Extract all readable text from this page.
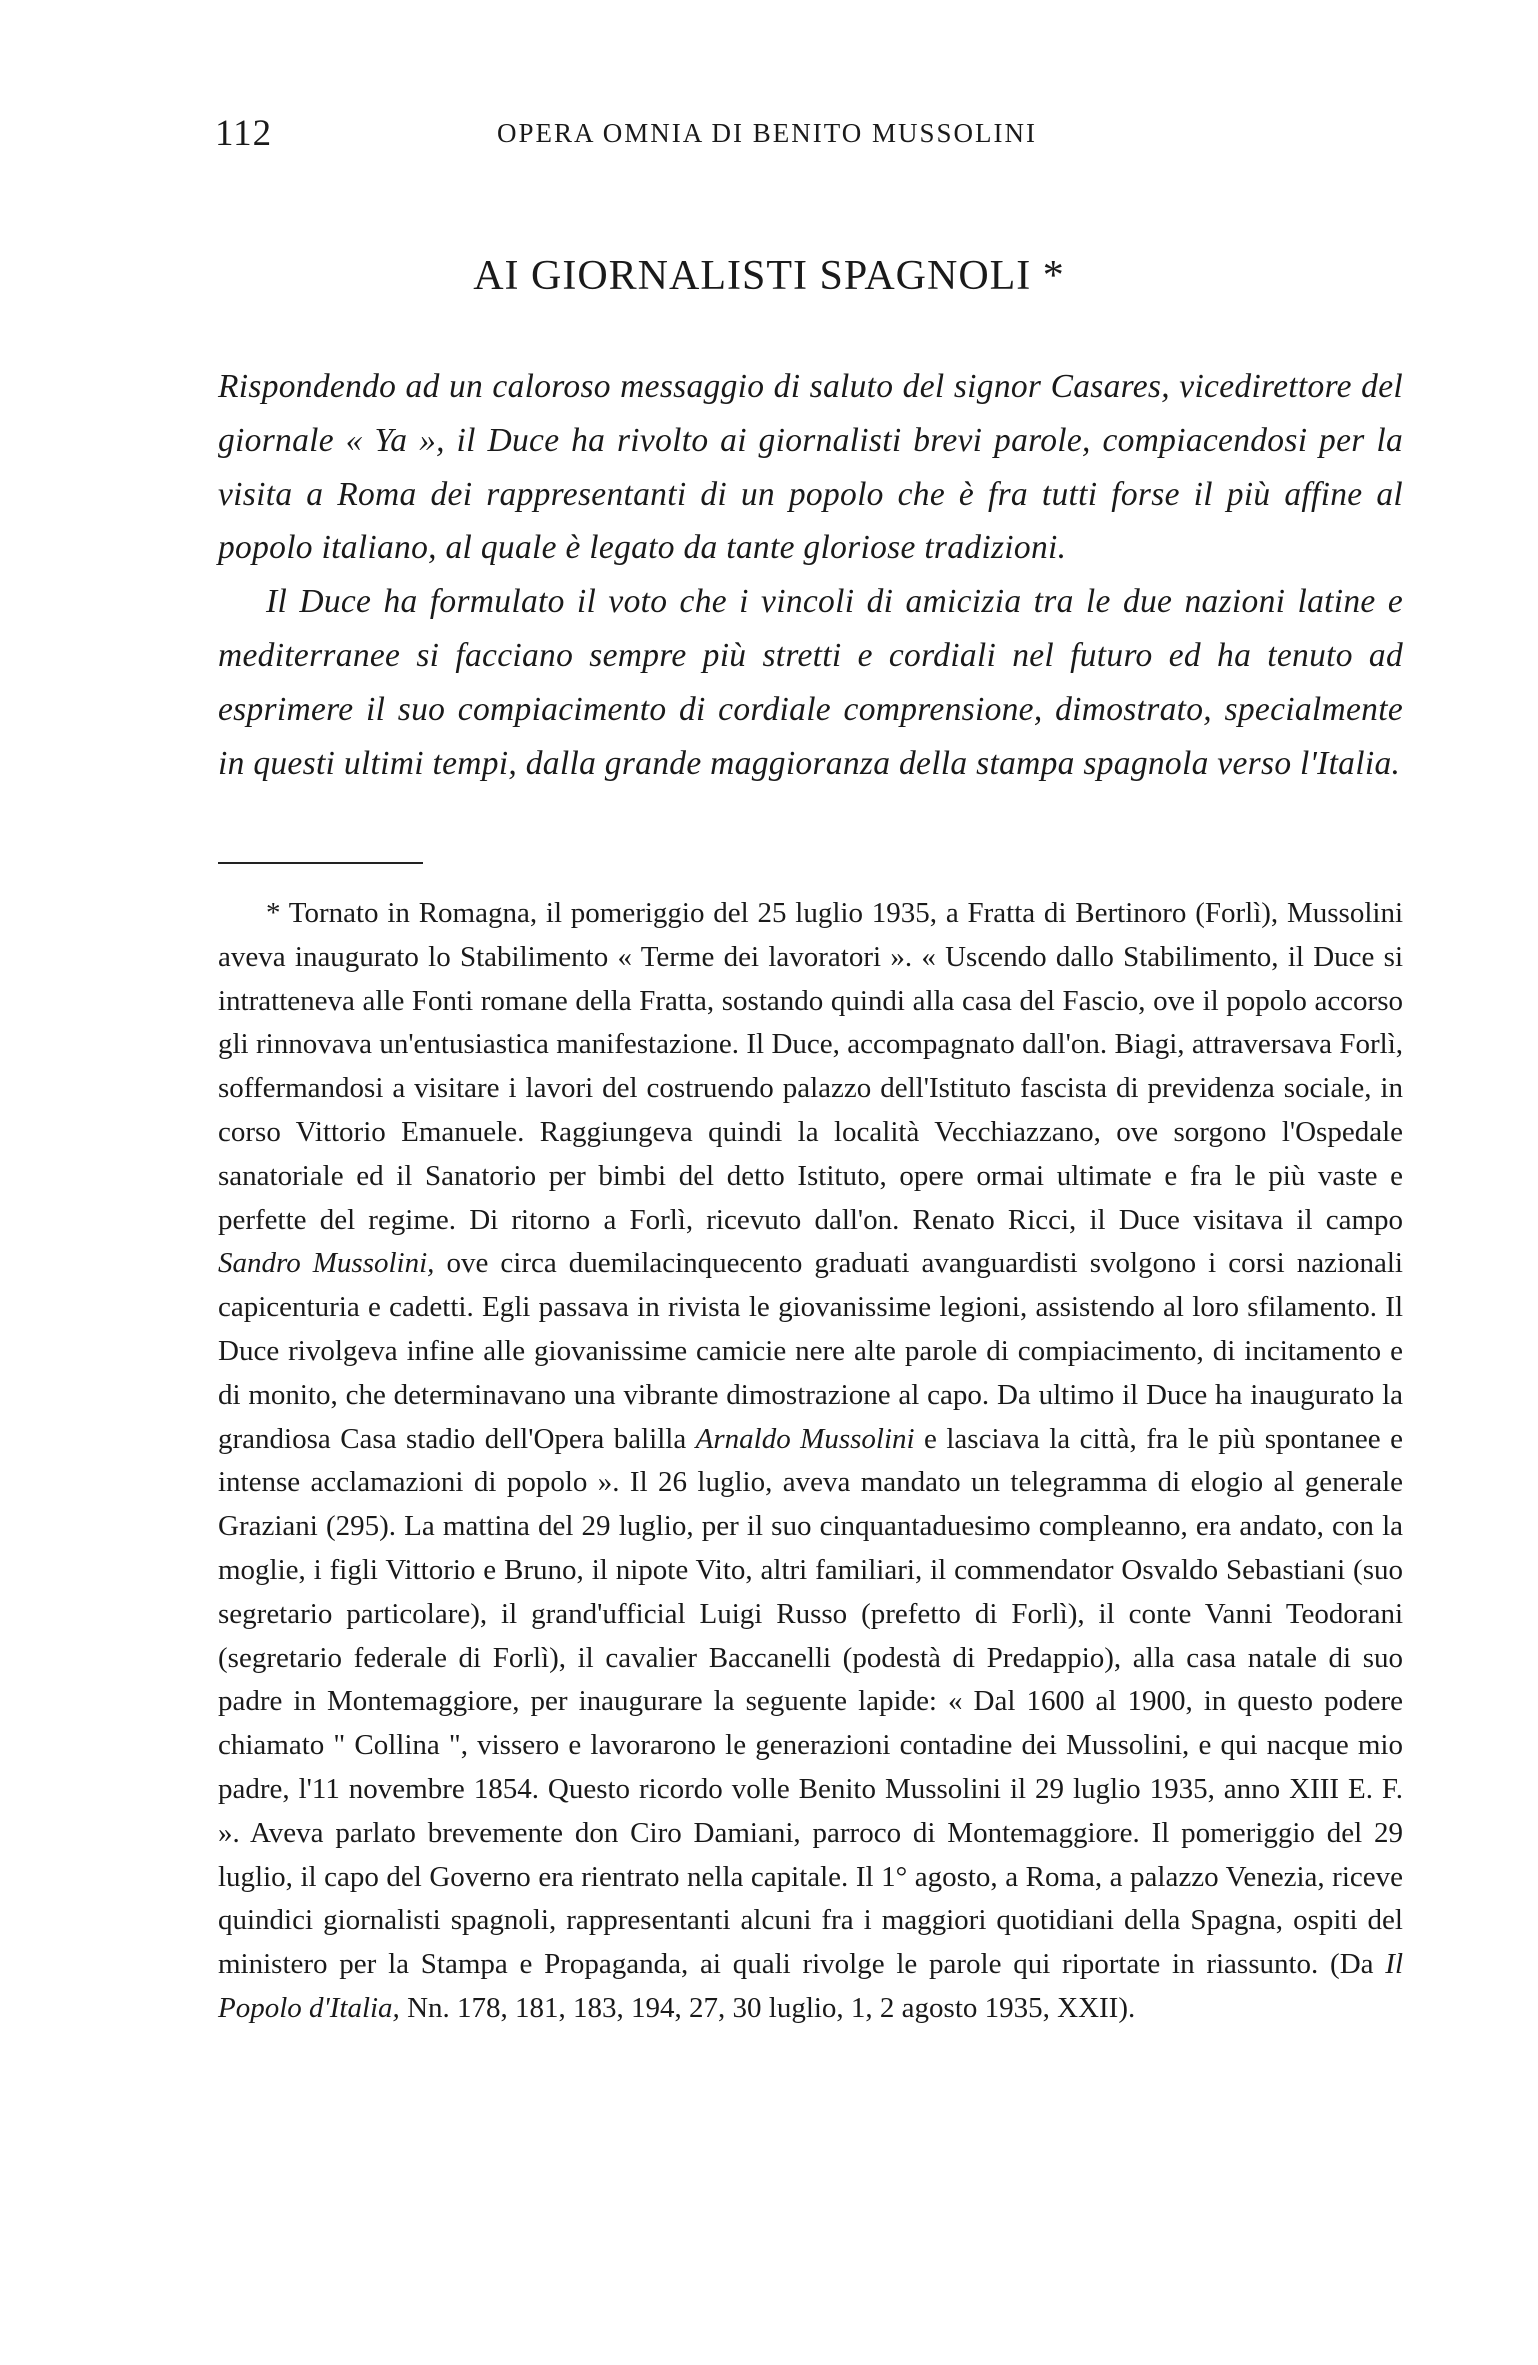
112	OPERA OMNIA DI BENITO MUSSOLINI
AI GIORNALISTI SPAGNOLI *

Rispondendo ad un caloroso messaggio di saluto del signor Casares, vicedirettore del giornale « Ya », il Duce ha rivolto ai giornalisti brevi parole, compiacendosi per la visita a Roma dei rappresentanti di un popolo che è fra tutti forse il più affine al popolo italiano, al quale è legato da tante gloriose tradizioni.

Il Duce ha formulato il voto che i vincoli di amicizia tra le due nazioni latine e mediterranee si facciano sempre più stretti e cordiali nel futuro ed ha tenuto ad esprimere il suo compiacimento di cordiale comprensione, dimostrato, specialmente in questi ultimi tempi, dalla grande maggioranza della stampa spagnola verso l'Italia.

* Tornato in Romagna, il pomeriggio del 25 luglio 1935, a Fratta di Bertinoro (Forlì), Mussolini aveva inaugurato lo Stabilimento « Terme dei lavoratori ». « Uscendo dallo Stabilimento, il Duce si intratteneva alle Fonti romane della Fratta, sostando quindi alla casa del Fascio, ove il popolo accorso gli rinnovava un'entusiastica manifestazione. Il Duce, accompagnato dall'on. Biagi, attraversava Forlì, soffermandosi a visitare i lavori del costruendo palazzo dell'Istituto fascista di previdenza sociale, in corso Vittorio Emanuele. Raggiungeva quindi la località Vecchiazzano, ove sorgono l'Ospedale sanatoriale ed il Sanatorio per bimbi del detto Istituto, opere ormai ultimate e fra le più vaste e perfette del regime. Di ritorno a Forlì, ricevuto dall'on. Renato Ricci, il Duce visitava il campo Sandro Mussolini, ove circa duemilacinquecento graduati avanguardisti svolgono i corsi nazionali capicenturia e cadetti. Egli passava in rivista le giovanissime legioni, assistendo al loro sfilamento. Il Duce rivolgeva infine alle giovanissime camicie nere alte parole di compiacimento, di incitamento e di monito, che determinavano una vibrante dimostrazione al capo. Da ultimo il Duce ha inaugurato la grandiosa Casa stadio dell'Opera balilla Arnaldo Mussolini e lasciava la città, fra le più spontanee e intense acclamazioni di popolo ». Il 26 luglio, aveva mandato un telegramma di elogio al generale Graziani (295). La mattina del 29 luglio, per il suo cinquantaduesimo compleanno, era andato, con la moglie, i figli Vittorio e Bruno, il nipote Vito, altri familiari, il commendator Osvaldo Sebastiani (suo segretario particolare), il grand'ufficial Luigi Russo (prefetto di Forlì), il conte Vanni Teodorani (segretario federale di Forlì), il cavalier Baccanelli (podestà di Predappio), alla casa natale di suo padre in Montemaggiore, per inaugurare la seguente lapide: « Dal 1600 al 1900, in questo podere chiamato " Collina ", vissero e lavorarono le generazioni contadine dei Mussolini, e qui nacque mio padre, l'11 novembre 1854. Questo ricordo volle Benito Mussolini il 29 luglio 1935, anno XIII E. F. ». Aveva parlato brevemente don Ciro Damiani, parroco di Montemaggiore. Il pomeriggio del 29 luglio, il capo del Governo era rientrato nella capitale. Il 1° agosto, a Roma, a palazzo Venezia, riceve quindici giornalisti spagnoli, rappresentanti alcuni fra i maggiori quotidiani della Spagna, ospiti del ministero per la Stampa e Propaganda, ai quali rivolge le parole qui riportate in riassunto. (Da Il Popolo d'Italia, Nn. 178, 181, 183, 194, 27, 30 luglio, 1, 2 agosto 1935, XXII).
